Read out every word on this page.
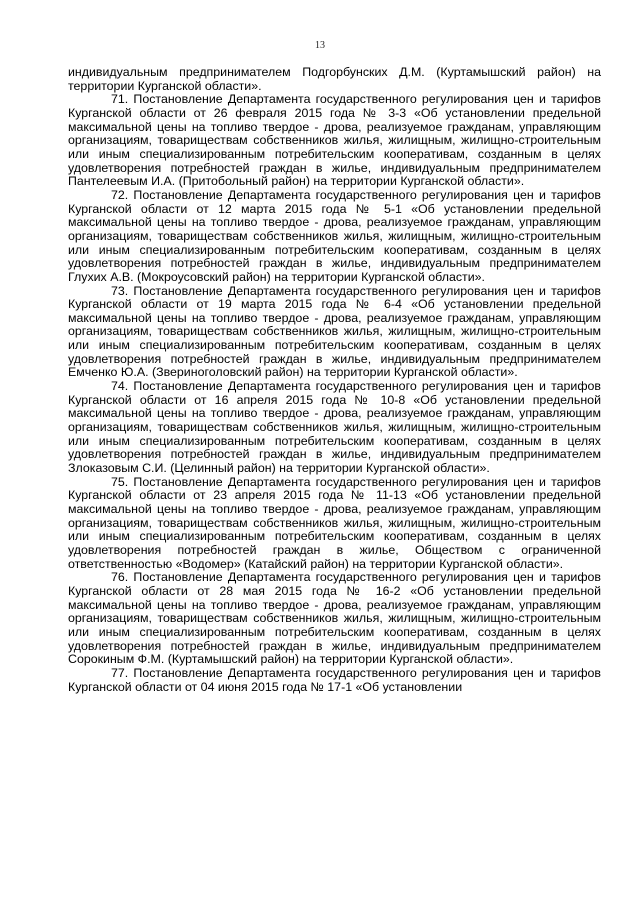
13

индивидуальным предпринимателем Подгорбунских Д.М. (Куртамышский район) на территории Курганской области».

71. Постановление Департамента государственного регулирования цен и тарифов Курганской области от 26 февраля 2015 года № 3-3 «Об установлении предельной максимальной цены на топливо твердое - дрова, реализуемое гражданам, управляющим организациям, товариществам собственников жилья, жилищным, жилищно-строительным или иным специализированным потребительским кооперативам, созданным в целях удовлетворения потребностей граждан в жилье, индивидуальным предпринимателем Пантелеевым И.А. (Притобольный район) на территории Курганской области».

72. Постановление Департамента государственного регулирования цен и тарифов Курганской области от 12 марта 2015 года № 5-1 «Об установлении предельной максимальной цены на топливо твердое - дрова, реализуемое гражданам, управляющим организациям, товариществам собственников жилья, жилищным, жилищно-строительным или иным специализированным потребительским кооперативам, созданным в целях удовлетворения потребностей граждан в жилье, индивидуальным предпринимателем Глухих А.В. (Мокроусовский район) на территории Курганской области».

73. Постановление Департамента государственного регулирования цен и тарифов Курганской области от 19 марта 2015 года № 6-4 «Об установлении предельной максимальной цены на топливо твердое - дрова, реализуемое гражданам, управляющим организациям, товариществам собственников жилья, жилищным, жилищно-строительным или иным специализированным потребительским кооперативам, созданным в целях удовлетворения потребностей граждан в жилье, индивидуальным предпринимателем Емченко Ю.А. (Звериноголовский район) на территории Курганской области».

74. Постановление Департамента государственного регулирования цен и тарифов Курганской области от 16 апреля 2015 года № 10-8 «Об установлении предельной максимальной цены на топливо твердое - дрова, реализуемое гражданам, управляющим организациям, товариществам собственников жилья, жилищным, жилищно-строительным или иным специализированным потребительским кооперативам, созданным в целях удовлетворения потребностей граждан в жилье, индивидуальным предпринимателем Злоказовым С.И. (Целинный район) на территории Курганской области».

75. Постановление Департамента государственного регулирования цен и тарифов Курганской области от 23 апреля 2015 года № 11-13 «Об установлении предельной максимальной цены на топливо твердое - дрова, реализуемое гражданам, управляющим организациям, товариществам собственников жилья, жилищным, жилищно-строительным или иным специализированным потребительским кооперативам, созданным в целях удовлетворения потребностей граждан в жилье, Обществом с ограниченной ответственностью «Водомер» (Катайский район) на территории Курганской области».

76. Постановление Департамента государственного регулирования цен и тарифов Курганской области от 28 мая 2015 года № 16-2 «Об установлении предельной максимальной цены на топливо твердое - дрова, реализуемое гражданам, управляющим организациям, товариществам собственников жилья, жилищным, жилищно-строительным или иным специализированным потребительским кооперативам, созданным в целях удовлетворения потребностей граждан в жилье, индивидуальным предпринимателем Сорокиным Ф.М. (Куртамышский район) на территории Курганской области».

77. Постановление Департамента государственного регулирования цен и тарифов Курганской области от 04 июня 2015 года № 17-1 «Об установлении
